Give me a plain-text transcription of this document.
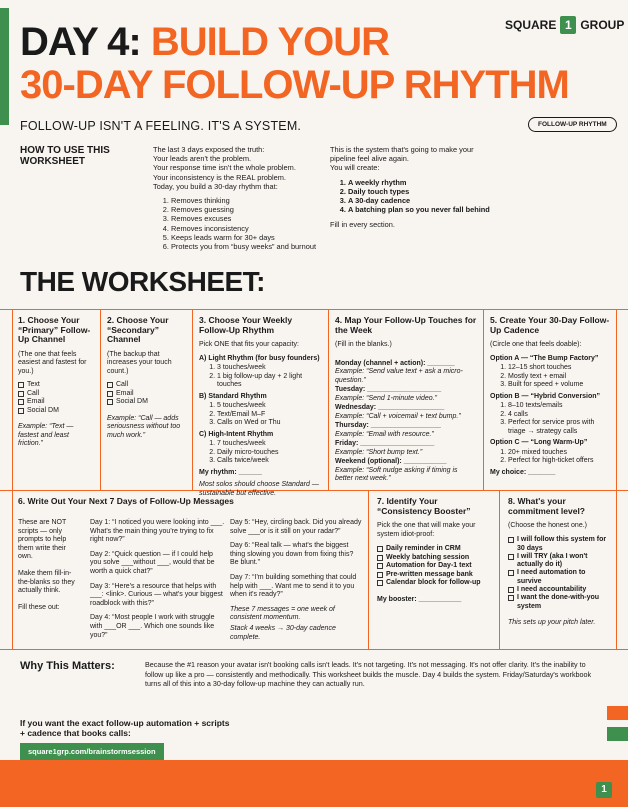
DAY 4: BUILD YOUR
30-DAY FOLLOW-UP RHYTHM
SQUARE 1 GROUP
FOLLOW-UP ISN'T A FEELING. IT'S A SYSTEM.	FOLLOW-UP RHYTHM
HOW TO USE THIS WORKSHEET
The last 3 days exposed the truth:
Your leads aren't the problem.
Your response time isn't the whole problem.
Your inconsistency is the REAL problem.
Today, you build a 30-day rhythm that:
1. Removes thinking
2. Removes guessing
3. Removes excuses
4. Removes inconsistency
5. Keeps leads warm for 30+ days
6. Protects you from “busy weeks” and burnout
This is the system that's going to make your pipeline feel alive again.
You will create:
1. A weekly rhythm
2. Daily touch types
3. A 30-day cadence
4. A batching plan so you never fall behind
Fill in every section.
THE WORKSHEET:
1. Choose Your “Primary” Follow-Up Channel

(The one that feels easiest and fastest for you.)

Text
Call
Email
Social DM

Example: “Text — fastest and least friction.”

2. Choose Your “Secondary” Channel

(The backup that increases your touch count.)

Call
Email
Social DM

Example: “Call — adds seriousness without too much work.”

3. Choose Your Weekly Follow-Up Rhythm

Pick ONE that fits your capacity:

A) Light Rhythm (for busy founders)
1. 3 touches/week
2. 1 big follow-up day + 2 light touches
B) Standard Rhythm
1. 5 touches/week
2. Text/Email M–F
3. Calls on Wed or Thu
C) High-Intent Rhythm
1. 7 touches/week
2. Daily micro-touches
3. Calls twice/week
My rhythm: ______
Most solos should choose Standard — sustainable but effective.
4. Map Your Follow-Up Touches for the Week

(Fill in the blanks.)

Monday (channel + action): _______
Example: “Send value text + ask a micro-question.”
Tuesday: ___________________
Example: “Send 1-minute video.”
Wednesday: _________________
Example: “Call + voicemail + text bump.”
Thursday: __________________
Example: “Email with resource.”
Friday: ___________________
Example: “Short bump text.”
Weekend (optional): ___________
Example: “Soft nudge asking if timing is better next week.”
5. Create Your 30-Day Follow-Up Cadence

(Circle one that feels doable):

Option A — “The Bump Factory”
1. 12–15 short touches
2. Mostly text + email
3. Built for speed + volume
Option B — “Hybrid Conversion”
1. 8–10 texts/emails
2. 4 calls
3. Perfect for service pros with triage → strategy calls
Option C — “Long Warm-Up”
1. 20+ mixed touches
2. Perfect for high-ticket offers
My choice: _______
6. Write Out Your Next 7 Days of Follow-Up Messages

These are NOT scripts — only prompts to help them write their own.

Make them fill-in-the-blanks so they actually think.

Fill these out:

Day 1: “I noticed you were looking into ___. What's the main thing you're trying to fix right now?”

Day 2: “Quick question — if I could help you solve ___without ___, would that be worth a quick chat?”

Day 3: “Here's a resource that helps with ___: <link>. Curious — what's your biggest roadblock with this?”

Day 4: “Most people I work with struggle with ___OR ___. Which one sounds like you?”

Day 5: “Hey, circling back. Did you already solve ___or is it still on your radar?”

Day 6: “Real talk — what's the biggest thing slowing you down from fixing this? Be blunt.”

Day 7: “I'm building something that could help with ___. Want me to send it to you when it's ready?”

These 7 messages = one week of consistent momentum.

Stack 4 weeks → 30-day cadence complete.

7. Identify Your “Consistency Booster”

Pick the one that will make your system idiot-proof:

Daily reminder in CRM
Weekly batching session
Automation for Day-1 text
Pre-written message bank
Calendar block for follow-up
My booster: ___________
8. What's your commitment level?

(Choose the honest one.)

I will follow this system for 30 days
I will TRY (aka I won't actually do it)
I need automation to survive
I need accountability
I want the done-with-you system

This sets up your pitch later.

Why This Matters:	Because the #1 reason your avatar isn't booking calls isn't leads. It's not targeting. It's not messaging. It's not offer clarity. It's the inability to follow up like a pro — consistently and methodically. This worksheet builds the muscle. Day 4 builds the system. Friday/Saturday's workbook turns all of this into a 30-day follow-up machine they can actually run.
If you want the exact follow-up automation + scripts + cadence that books calls:
square1grp.com/brainstormsession
1
